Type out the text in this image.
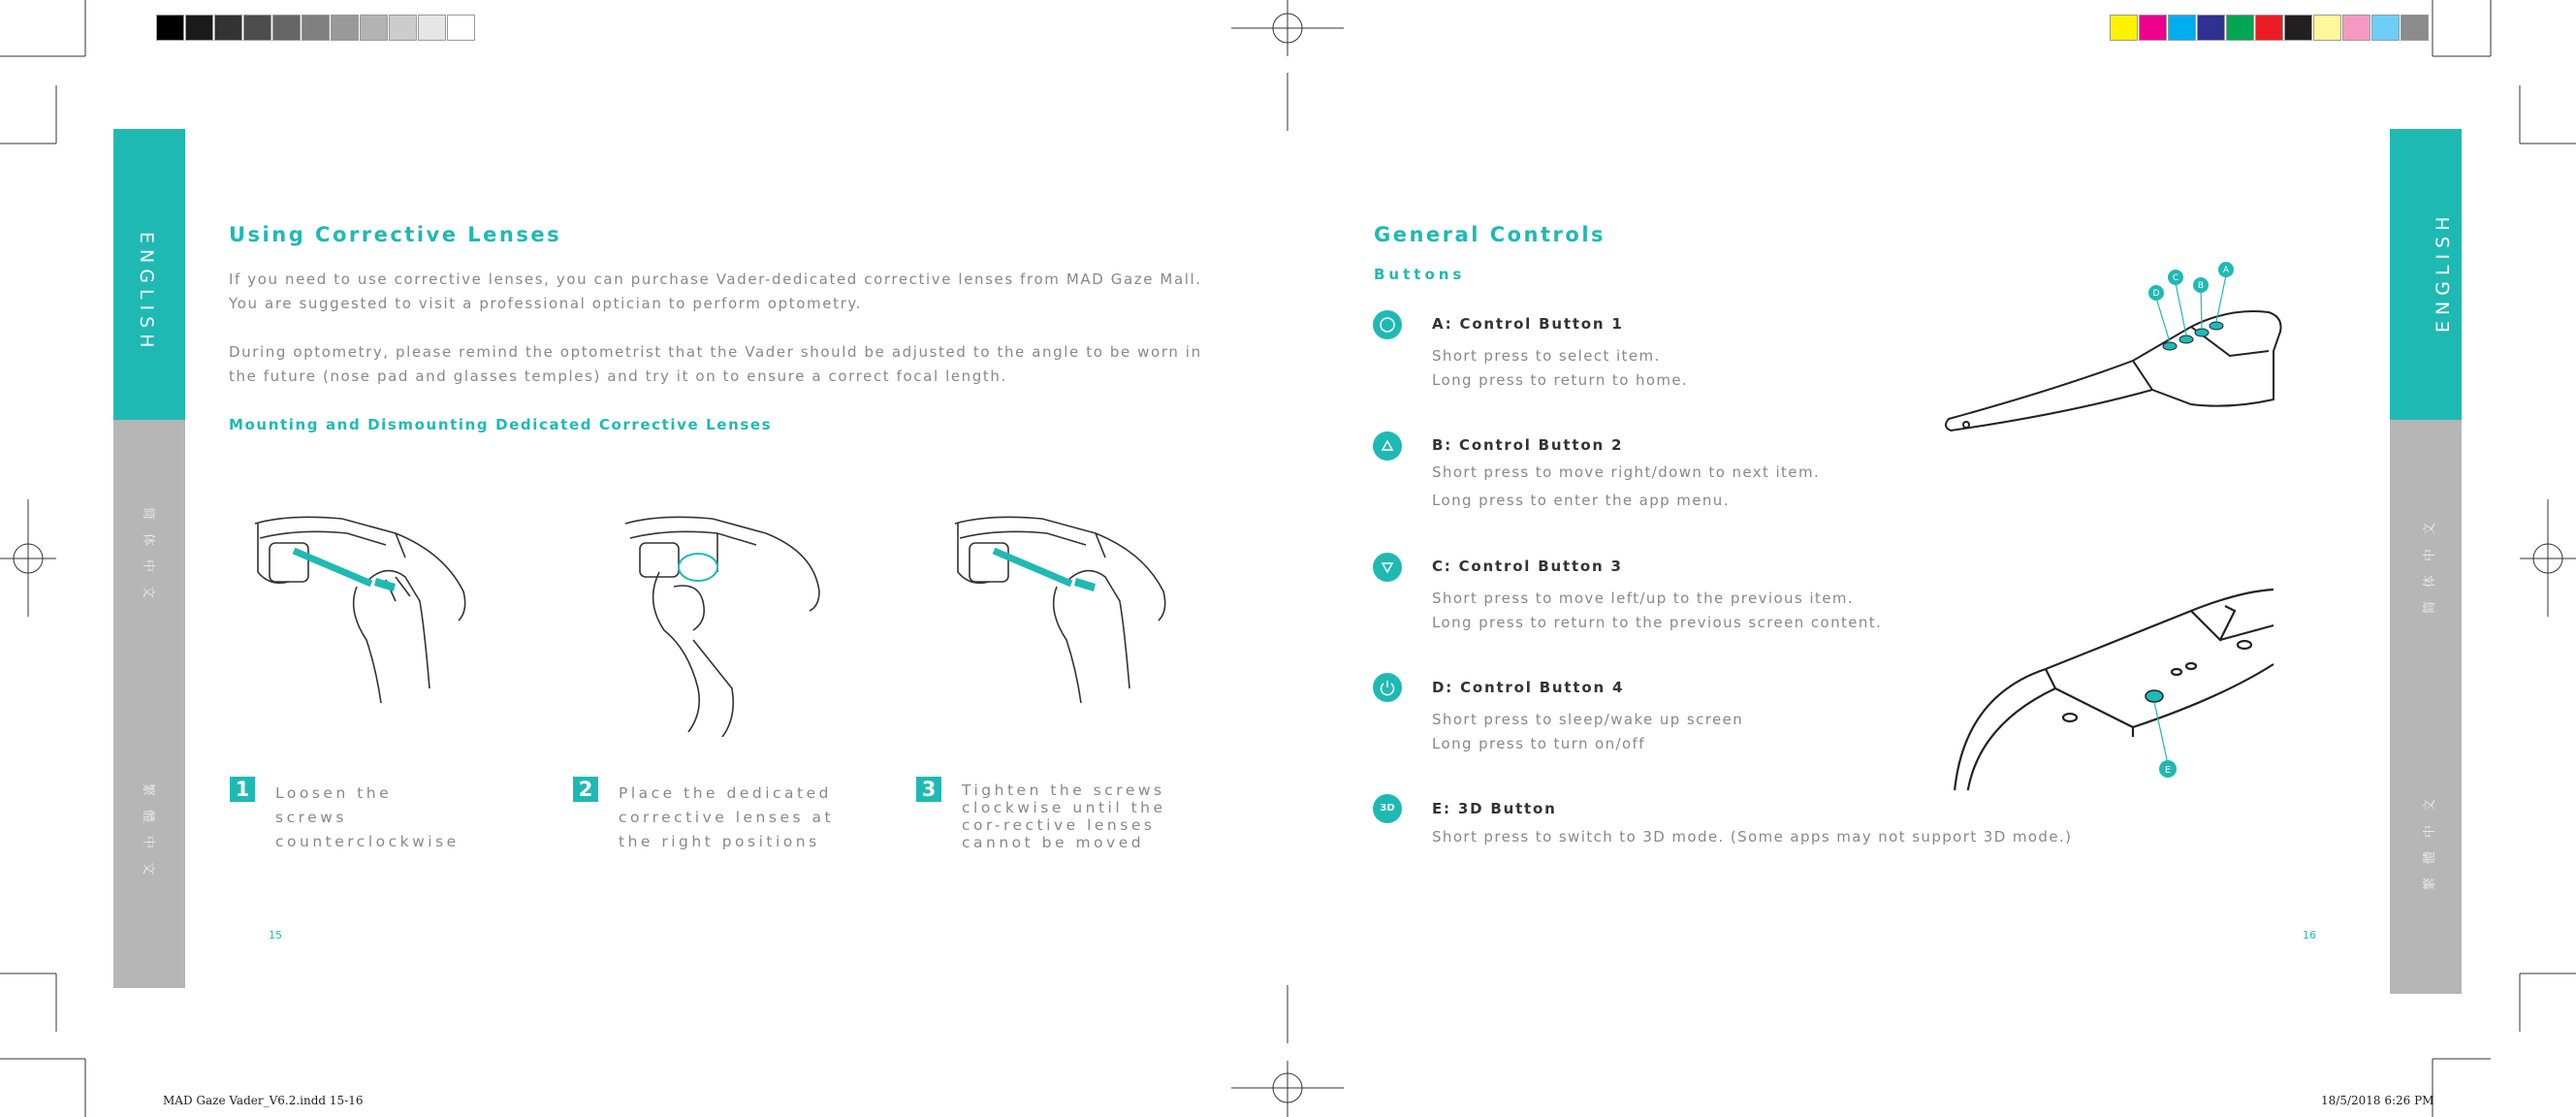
ENGLISH
简体中文
繁體中文
ENGLISH
简体中文
繁體中文
Using Corrective Lenses
If you need to use corrective lenses, you can purchase Vader-dedicated corrective lenses from MAD Gaze Mall. You are suggested to visit a professional optician to perform optometry.
During optometry, please remind the optometrist that the Vader should be adjusted to the angle to be worn in the future (nose pad and glasses temples) and try it on to ensure a correct focal length.
Mounting and Dismounting Dedicated Corrective Lenses
1	Loosen the screws counterclockwise
2	Place the dedicated corrective lenses at the right positions
3	Tighten the screws clockwise until the cor-rective lenses cannot be moved
15
General Controls
Buttons
A: Control Button 1
Short press to select item.
Long press to return to home.
B: Control Button 2
Short press to move right/down to next item.
Long press to enter the app menu.
C: Control Button 3
Short press to move left/up to the previous item.
Long press to return to the previous screen content.
D: Control Button 4
Short press to sleep/wake up screen
Long press to turn on/off
3D	E: 3D Button
Short press to switch to 3D mode. (Some apps may not support 3D mode.)
D
C
B
A
E
16
MAD Gaze Vader_V6.2.indd 15-16	18/5/2018 6:26 PM
